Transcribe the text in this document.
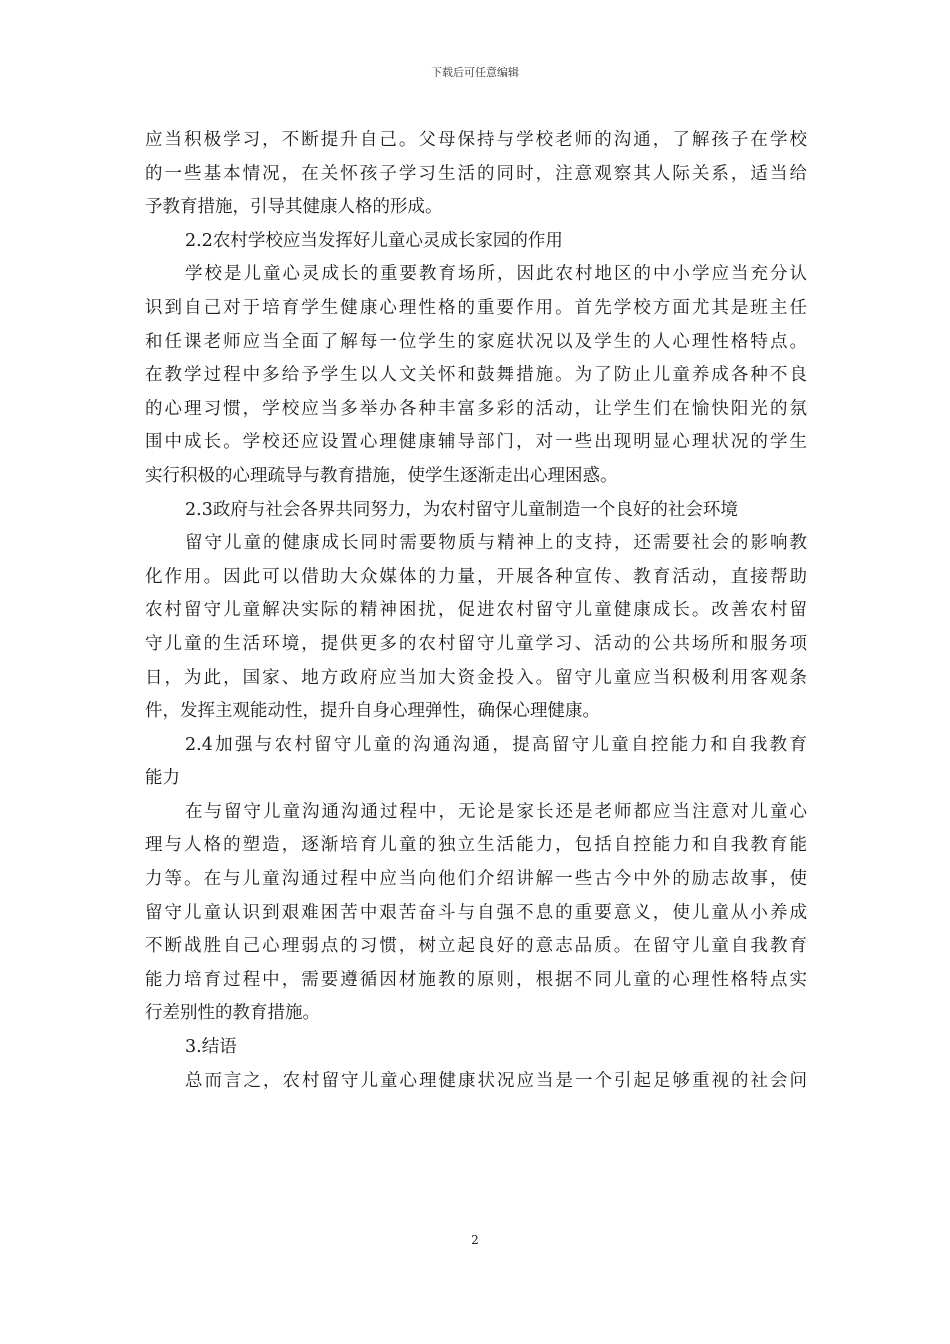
下载后可任意编辑
应当积极学习，不断提升自己。父母保持与学校老师的沟通，了解孩子在学校
的一些基本情况，在关怀孩子学习生活的同时，注意观察其人际关系，适当给
予教育措施，引导其健康人格的形成。
2.2农村学校应当发挥好儿童心灵成长家园的作用
学校是儿童心灵成长的重要教育场所，因此农村地区的中小学应当充分认
识到自己对于培育学生健康心理性格的重要作用。首先学校方面尤其是班主任
和任课老师应当全面了解每一位学生的家庭状况以及学生的人心理性格特点。
在教学过程中多给予学生以人文关怀和鼓舞措施。为了防止儿童养成各种不良
的心理习惯，学校应当多举办各种丰富多彩的活动，让学生们在愉快阳光的氛
围中成长。学校还应设置心理健康辅导部门，对一些出现明显心理状况的学生
实行积极的心理疏导与教育措施，使学生逐渐走出心理困惑。
2.3政府与社会各界共同努力，为农村留守儿童制造一个良好的社会环境
留守儿童的健康成长同时需要物质与精神上的支持，还需要社会的影响教
化作用。因此可以借助大众媒体的力量，开展各种宣传、教育活动，直接帮助
农村留守儿童解决实际的精神困扰，促进农村留守儿童健康成长。改善农村留
守儿童的生活环境，提供更多的农村留守儿童学习、活动的公共场所和服务项
日，为此，国家、地方政府应当加大资金投入。留守儿童应当积极利用客观条
件，发挥主观能动性，提升自身心理弹性，确保心理健康。
2.4加强与农村留守儿童的沟通沟通，提高留守儿童自控能力和自我教育
能力
在与留守儿童沟通沟通过程中，无论是家长还是老师都应当注意对儿童心
理与人格的塑造，逐渐培育儿童的独立生活能力，包括自控能力和自我教育能
力等。在与儿童沟通过程中应当向他们介绍讲解一些古今中外的励志故事，使
留守儿童认识到艰难困苦中艰苦奋斗与自强不息的重要意义，使儿童从小养成
不断战胜自己心理弱点的习惯，树立起良好的意志品质。在留守儿童自我教育
能力培育过程中，需要遵循因材施教的原则，根据不同儿童的心理性格特点实
行差别性的教育措施。
3.结语
总而言之，农村留守儿童心理健康状况应当是一个引起足够重视的社会问
2
